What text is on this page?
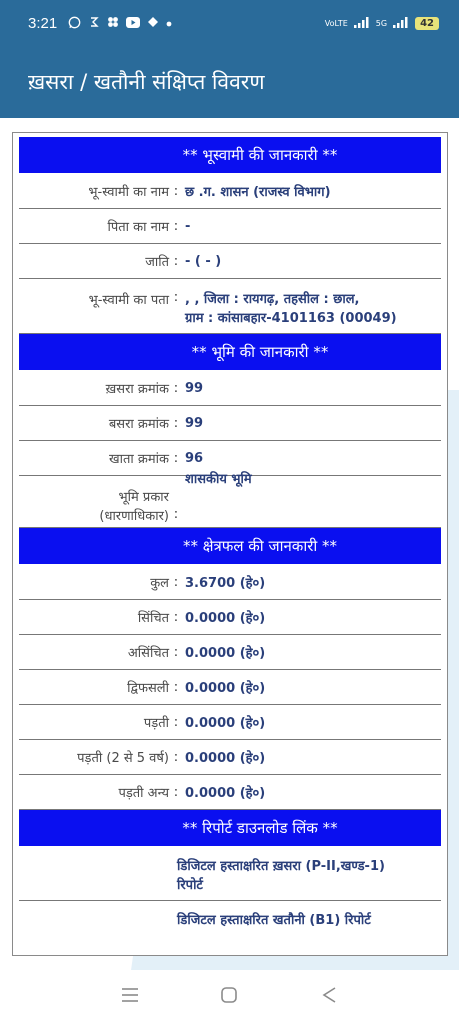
3:21	VoLTE	5G	42
ख़सरा / खतौनी संक्षिप्त विवरण
** भूस्वामी की जानकारी **
भू-स्वामी का नाम : छ .ग. शासन (राजस्व विभाग)
पिता का नाम : -
जाति : - ( - )
भू-स्वामी का पता : , , जिला : रायगढ़, तहसील : छाल,
ग्राम : कांसाबहार-4101163 (00049)
** भूमि की जानकारी **
ख़सरा क्रमांक : 99
बसरा क्रमांक : 99
खाता क्रमांक : 96
भूमि प्रकार
(धारणाधिकार) :
शासकीय भूमि
** क्षेत्रफल की जानकारी **
कुल : 3.6700 (हे०)
सिंचित : 0.0000 (हे०)
असिंचित : 0.0000 (हे०)
द्विफसली : 0.0000 (हे०)
पड़ती : 0.0000 (हे०)
पड़ती (2 से 5 वर्ष) : 0.0000 (हे०)
पड़ती अन्य : 0.0000 (हे०)
** रिपोर्ट डाउनलोड लिंक **
डिजिटल हस्ताक्षरित ख़सरा (P-II,खण्ड-1)
रिपोर्ट
डिजिटल हस्ताक्षरित खतौनी (B1) रिपोर्ट
